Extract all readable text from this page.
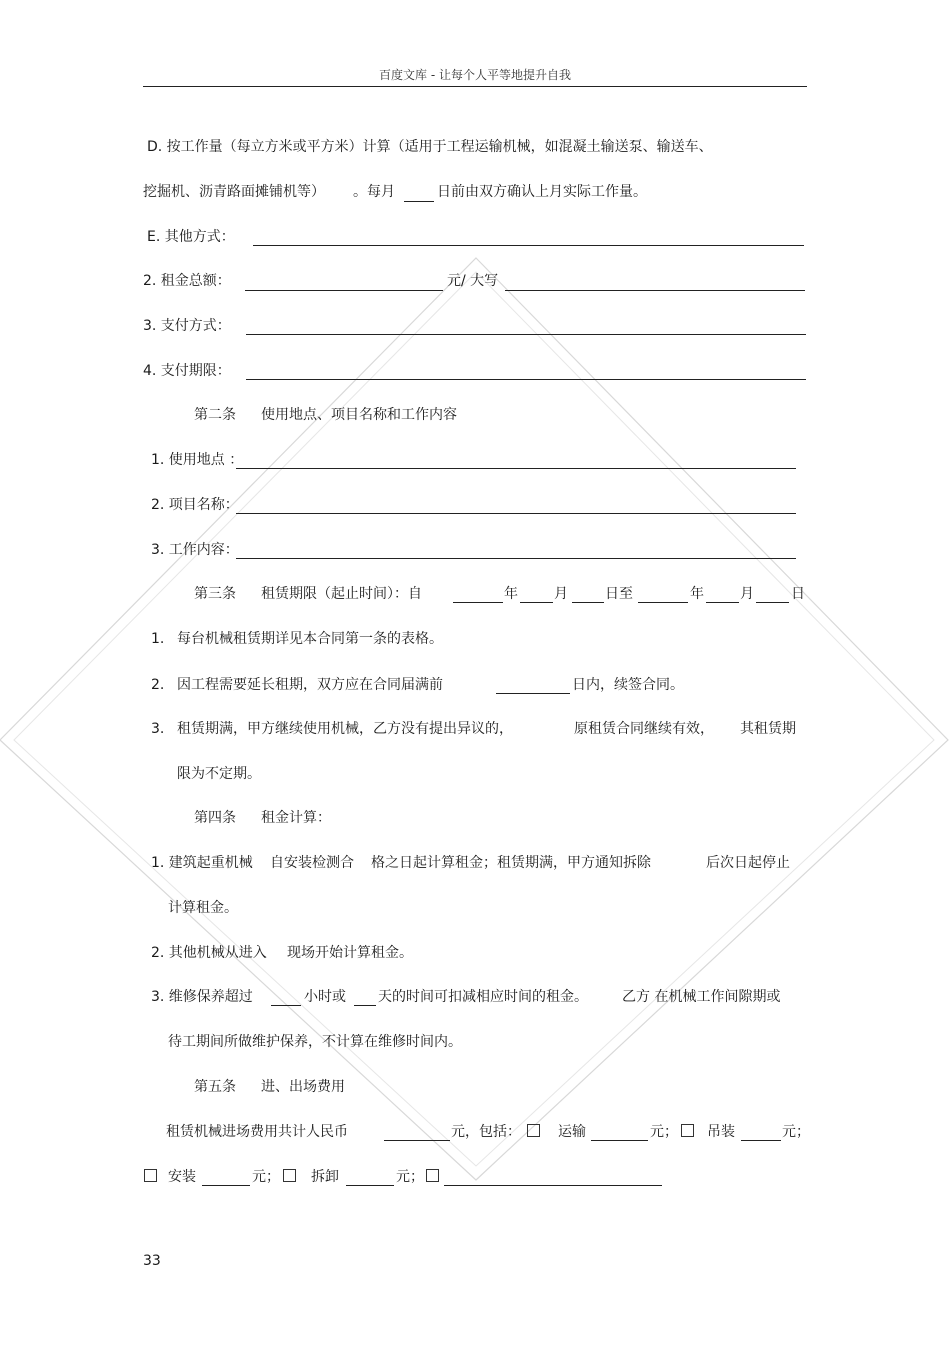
百度文库 - 让每个人平等地提升自我
D. 按工作量（每立方米或平方米）计算（适用于工程运输机械，如混凝土输送泵、输送车、
挖掘机、沥青路面摊铺机等） 。每月	日前由双方确认上月实际工作量。
E. 其他方式：
2. 租金总额：	元/ 大写
3. 支付方式：
4. 支付期限：
第二条 使用地点、项目名称和工作内容
1. 使用地点 ：
2. 项目名称：
3. 工作内容：
第三条 租赁期限（起止时间）：自	年	月	日至	年	月	日
1. 每台机械租赁期详见本合同第一条的表格。
2. 因工程需要延长租期，双方应在合同届满前	日内，续签合同。
3. 租赁期满，甲方继续使用机械，乙方没有提出异议的，	原租赁合同继续有效， 其租赁期
限为不定期。
第四条 租金计算：
1. 建筑起重机械 自安装检测合 格之日起计算租金；租赁期满，甲方通知拆除	后次日起停止
计算租金。
2. 其他机械从进入 现场开始计算租金。
3. 维修保养超过	小时或 天的时间可扣减相应时间的租金。 乙方 在机械工作间隙期或
待工期间所做维护保养，不计算在维修时间内。
第五条 进、出场费用
租赁机械进场费用共计人民币	元，包括：	运输	元； 吊装	元；
安装	元； 拆卸	元；
33
